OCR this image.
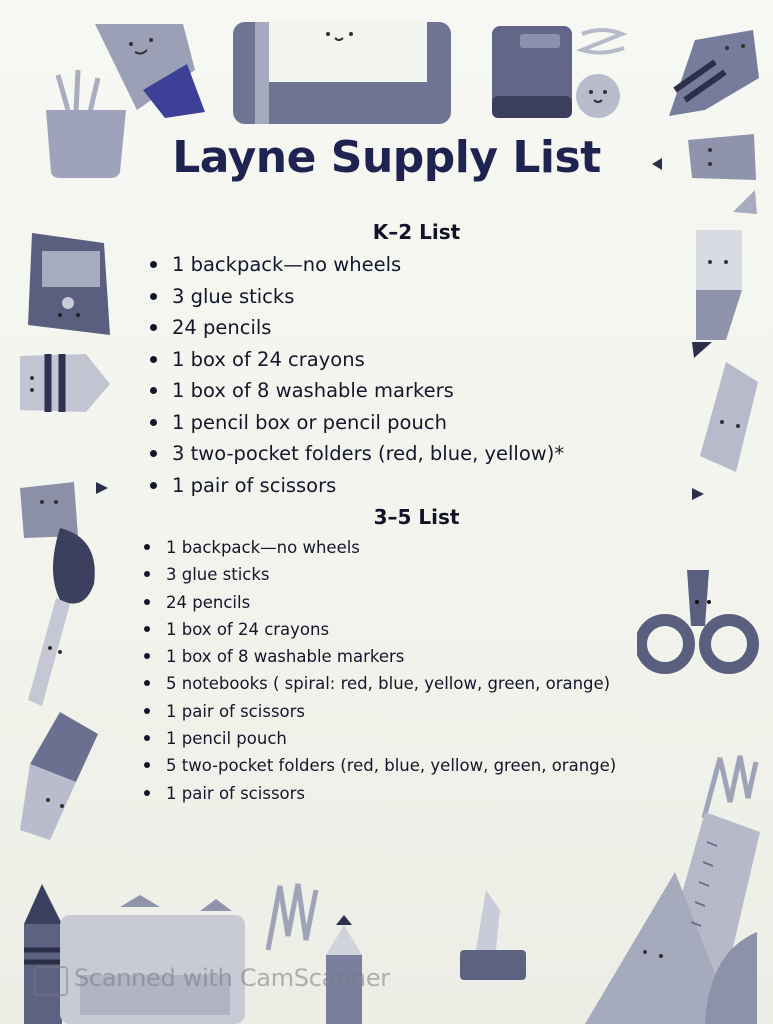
Layne Supply List
K–2 List
1 backpack—no wheels
3 glue sticks
24 pencils
1 box of 24 crayons
1 box of 8 washable markers
1 pencil box or pencil pouch
3 two-pocket folders (red, blue, yellow)*
1 pair of scissors
3–5 List
1 backpack—no wheels
3 glue sticks
24 pencils
1 box of 24 crayons
1 box of 8 washable markers
5 notebooks ( spiral: red, blue, yellow, green, orange)
1 pair of scissors
1 pencil pouch
5 two-pocket folders (red, blue, yellow, green, orange)
1 pair of scissors
Scanned with CamScanner
